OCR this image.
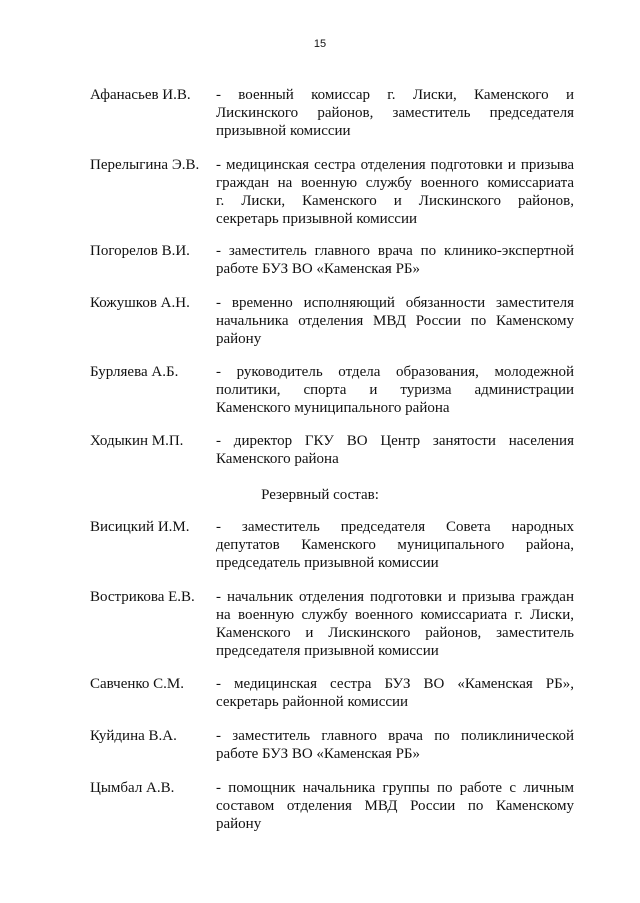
15
Афанасьев И.В. - военный комиссар г. Лиски, Каменского и
Лискинского районов, заместитель председателя
призывной комиссии
Перелыгина Э.В. - медицинская сестра отделения подготовки и призыва
граждан на военную службу военного комиссариата
г. Лиски, Каменского и Лискинского районов,
секретарь призывной комиссии
Погорелов В.И. - заместитель главного врача по клинико-экспертной
работе БУЗ ВО «Каменская РБ»
Кожушков А.Н. - временно исполняющий обязанности заместителя
начальника отделения МВД России по Каменскому
району
Бурляева А.Б.	- руководитель отдела образования, молодежной
политики, спорта и туризма администрации
Каменского муниципального района
Ходыкин М.П. - директор ГКУ ВО Центр занятости населения
Каменского района
Резервный состав:
Висицкий И.М. - заместитель председателя Совета народных
депутатов Каменского муниципального района,
председатель призывной комиссии
Вострикова Е.В. - начальник отделения подготовки и призыва граждан
на военную службу военного комиссариата г. Лиски,
Каменского и Лискинского районов, заместитель
председателя призывной комиссии
Савченко С.М. - медицинская сестра БУЗ ВО «Каменская РБ»,
секретарь районной комиссии
Куйдина В.А.	- заместитель главного врача по поликлинической
работе БУЗ ВО «Каменская РБ»
Цымбал А.В.	- помощник начальника группы по работе с личным
составом отделения МВД России по Каменскому
району
